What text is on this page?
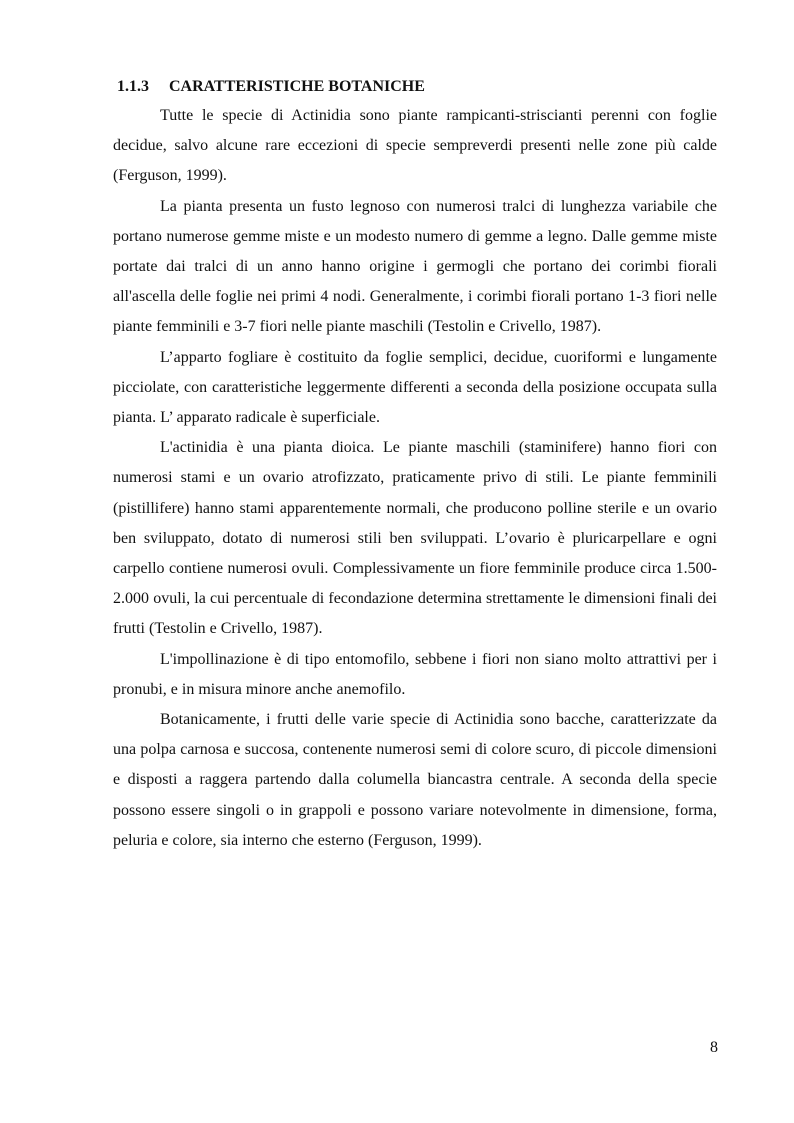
1.1.3 CARATTERISTICHE BOTANICHE

Tutte le specie di Actinidia sono piante rampicanti-striscianti perenni con foglie decidue, salvo alcune rare eccezioni di specie sempreverdi presenti nelle zone più calde (Ferguson, 1999).

La pianta presenta un fusto legnoso con numerosi tralci di lunghezza variabile che portano numerose gemme miste e un modesto numero di gemme a legno. Dalle gemme miste portate dai tralci di un anno hanno origine i germogli che portano dei corimbi fiorali all'ascella delle foglie nei primi 4 nodi. Generalmente, i corimbi fiorali portano 1-3 fiori nelle piante femminili e 3-7 fiori nelle piante maschili (Testolin e Crivello, 1987).

L’apparto fogliare è costituito da foglie semplici, decidue, cuoriformi e lungamente picciolate, con caratteristiche leggermente differenti a seconda della posizione occupata sulla pianta. L’ apparato radicale è superficiale.

L'actinidia è una pianta dioica. Le piante maschili (staminifere) hanno fiori con numerosi stami e un ovario atrofizzato, praticamente privo di stili. Le piante femminili (pistillifere) hanno stami apparentemente normali, che producono polline sterile e un ovario ben sviluppato, dotato di numerosi stili ben sviluppati. L’ovario è pluricarpellare e ogni carpello contiene numerosi ovuli. Complessivamente un fiore femminile produce circa 1.500-2.000 ovuli, la cui percentuale di fecondazione determina strettamente le dimensioni finali dei frutti (Testolin e Crivello, 1987).

L'impollinazione è di tipo entomofilo, sebbene i fiori non siano molto attrattivi per i pronubi, e in misura minore anche anemofilo.

Botanicamente, i frutti delle varie specie di Actinidia sono bacche, caratterizzate da una polpa carnosa e succosa, contenente numerosi semi di colore scuro, di piccole dimensioni e disposti a raggera partendo dalla columella biancastra centrale. A seconda della specie possono essere singoli o in grappoli e possono variare notevolmente in dimensione, forma, peluria e colore, sia interno che esterno (Ferguson, 1999).

8
